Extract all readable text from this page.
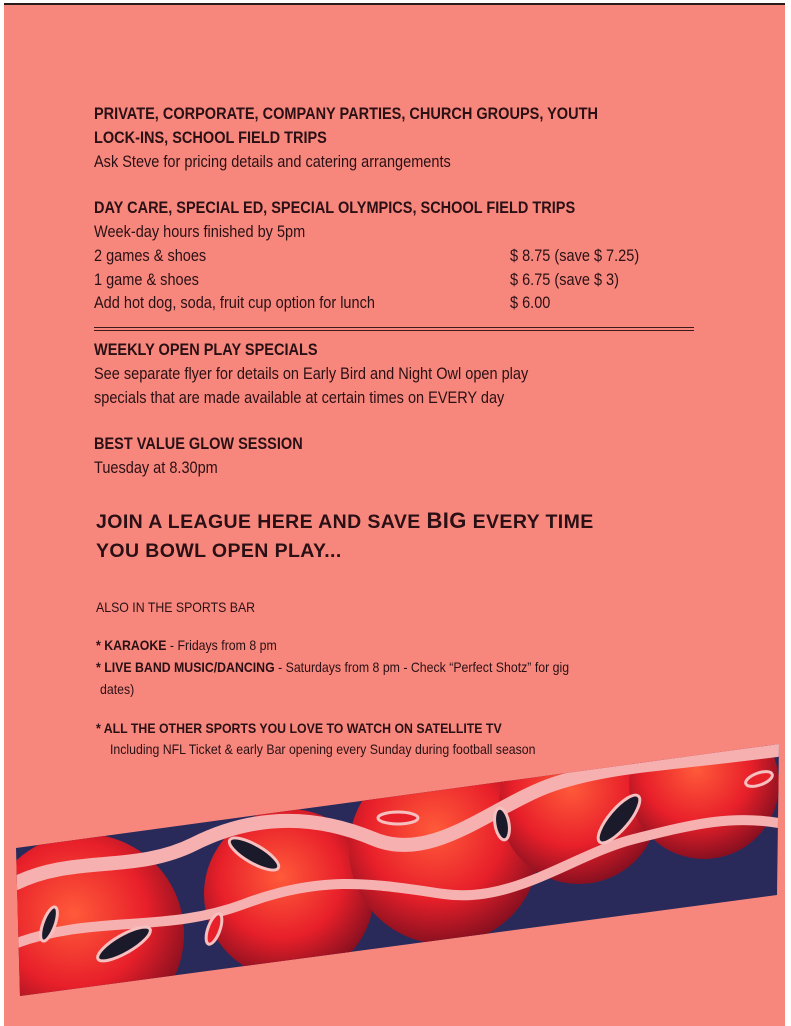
PRIVATE, CORPORATE, COMPANY PARTIES, CHURCH GROUPS, YOUTH
LOCK-INS, SCHOOL FIELD TRIPS
Ask Steve for pricing details and catering arrangements
DAY CARE, SPECIAL ED, SPECIAL OLYMPICS, SCHOOL FIELD TRIPS
Week-day hours finished by 5pm
2 games & shoes	$ 8.75 (save $ 7.25)
1 game & shoes	$ 6.75 (save $ 3)
Add hot dog, soda, fruit cup option for lunch	$ 6.00
WEEKLY OPEN PLAY SPECIALS
See separate flyer for details on Early Bird and Night Owl open play
specials that are made available at certain times on EVERY day
BEST VALUE GLOW SESSION
Tuesday at 8.30pm
JOIN A LEAGUE HERE AND SAVE BIG EVERY TIME
YOU BOWL OPEN PLAY...
ALSO IN THE SPORTS BAR
* KARAOKE - Fridays from 8 pm
* LIVE BAND MUSIC/DANCING - Saturdays from 8 pm - Check “Perfect Shotz” for gig
dates)
* ALL THE OTHER SPORTS YOU LOVE TO WATCH ON SATELLITE TV
Including NFL Ticket & early Bar opening every Sunday during football season
